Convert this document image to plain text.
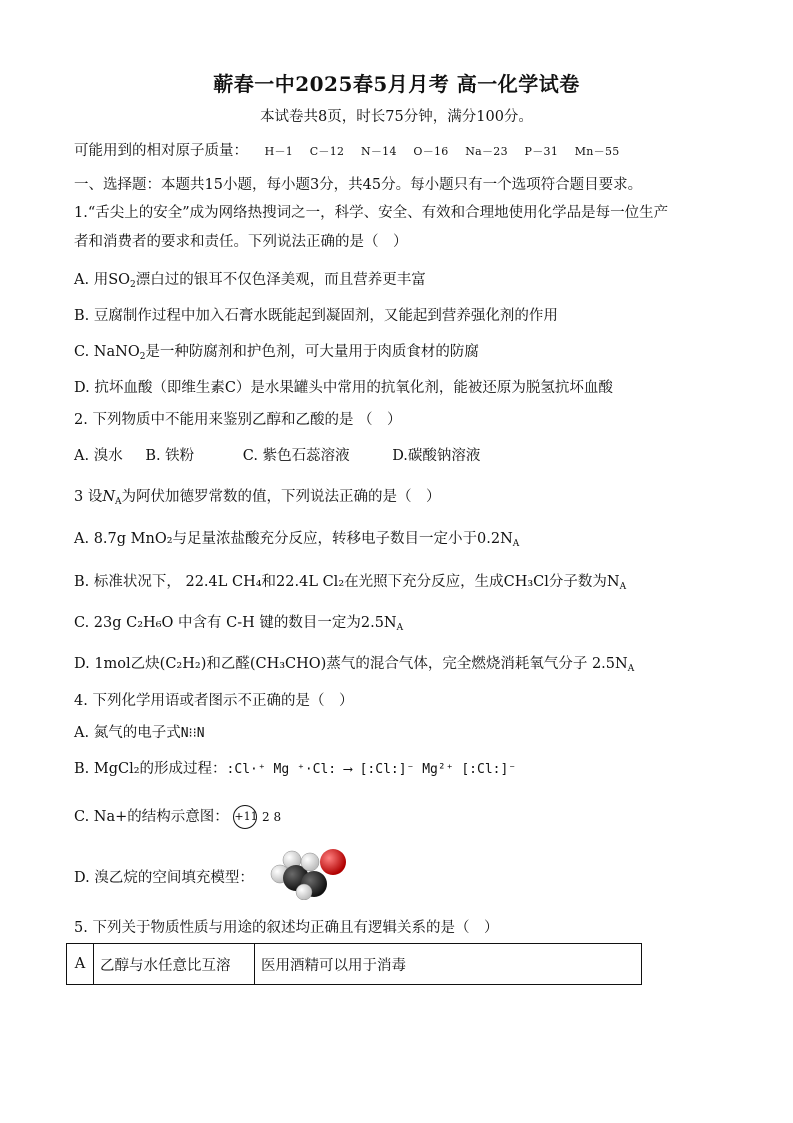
蕲春一中2025春5月月考 高一化学试卷
本试卷共8页，时长75分钟，满分100分。
可能用到的相对原子质量： H－1 C－12 N－14 O－16 Na－23 P－31 Mn－55
一、选择题：本题共15小题，每小题3分，共45分。每小题只有一个选项符合题目要求。
1.“舌尖上的安全”成为网络热搜词之一，科学、安全、有效和合理地使用化学品是每一位生产
者和消费者的要求和责任。下列说法正确的是（　）
A. 用$SO_2$漂白过的银耳不仅色泽美观，而且营养更丰富
B. 豆腐制作过程中加入石膏水既能起到凝固剂，又能起到营养强化剂的作用
C. NaNO$_2$是一种防腐剂和护色剂，可大量用于肉质食材的防腐
D. 抗坏血酸（即维生素C）是水果罐头中常用的抗氧化剂，能被还原为脱氢抗坏血酸
2. 下列物质中不能用来鉴别乙醇和乙酸的是 （　）
A. 溴水 B. 铁粉	C. 紫色石蕊溶液	D.碳酸钠溶液
3 设$N_A$为阿伏加德罗常数的值，下列说法正确的是（　）
A. 8.7g MnO₂与足量浓盐酸充分反应，转移电子数目一定小于$0.2N_A$
B. 标准状况下， 22.4L CH₄和22.4L Cl₂在光照下充分反应，生成CH₃Cl分子数为$N_A$
C. 23g C₂H₆O 中含有 C-H 键的数目一定为$2.5N_A$
D. 1mol乙炔(C₂H₂)和乙醛(CH₃CHO)蒸气的混合气体，完全燃烧消耗氧气分子 $2.5N_A$
4. 下列化学用语或者图示不正确的是（　）
A. 氮气的电子式N⁝⁝N
B. MgCl₂的形成过程：:Cl·⁺ Mg ⁺·Cl: ⟶ [:Cl:]⁻ Mg²⁺ [:Cl:]⁻
C. Na+的结构示意图： +11 2 8
D. 溴乙烷的空间填充模型：
5. 下列关于物质性质与用途的叙述均正确且有逻辑关系的是（　）
A	乙醇与水任意比互溶	医用酒精可以用于消毒
